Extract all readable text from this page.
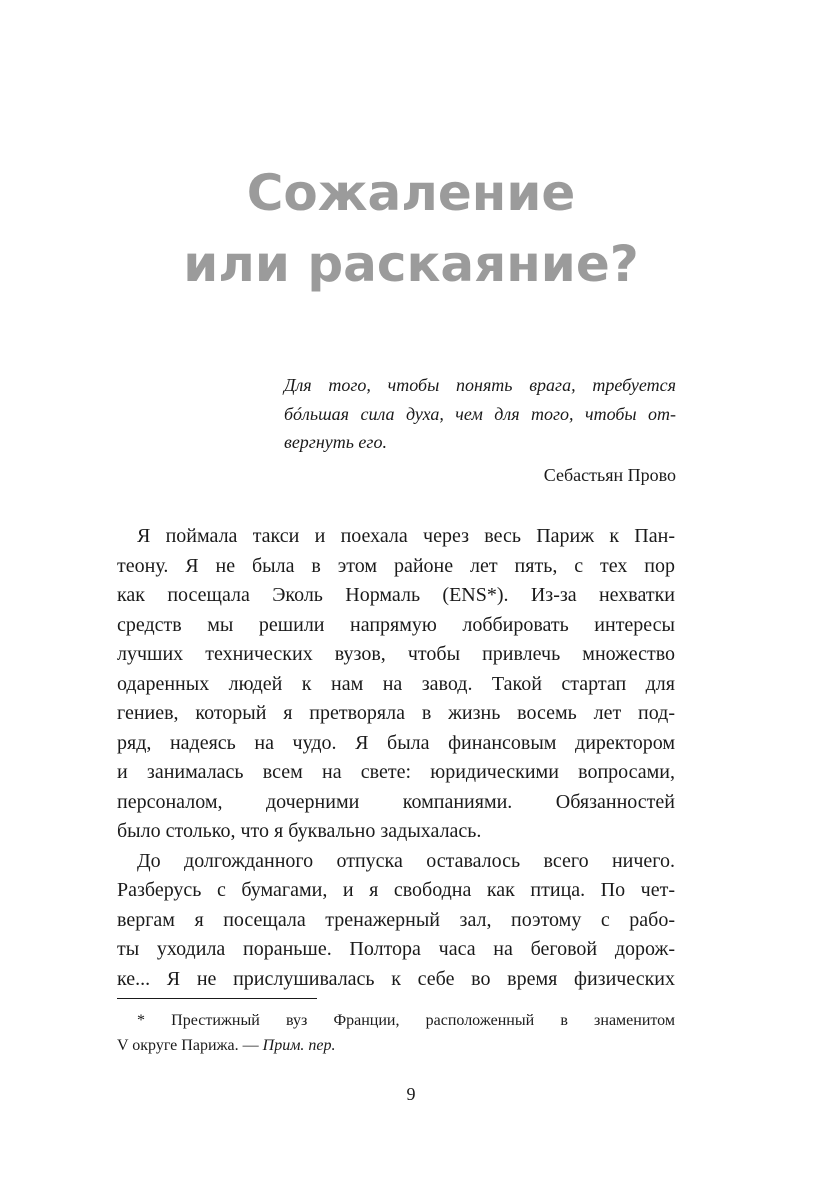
Сожаление
или раскаяние?

Для того, чтобы понять врага, требуется
бóльшая сила духа, чем для того, чтобы от-
вергнуть его.

Себастьян Прово
Я поймала такси и поехала через весь Париж к Пан-
теону. Я не была в этом районе лет пять, с тех пор
как посещала Эколь Нормаль (ENS*). Из-за нехватки
средств мы решили напрямую лоббировать интересы
лучших технических вузов, чтобы привлечь множество
одаренных людей к нам на завод. Такой стартап для
гениев, который я претворяла в жизнь восемь лет под-
ряд, надеясь на чудо. Я была финансовым директором
и занималась всем на свете: юридическими вопросами,
персоналом, дочерними компаниями. Обязанностей
было столько, что я буквально задыхалась.
До долгожданного отпуска оставалось всего ничего.
Разберусь с бумагами, и я свободна как птица. По чет-
вергам я посещала тренажерный зал, поэтому с рабо-
ты уходила пораньше. Полтора часа на беговой дорож-
ке... Я не прислушивалась к себе во время физических
* Престижный вуз Франции, расположенный в знаменитом
V округе Парижа. — Прим. пер.
9
